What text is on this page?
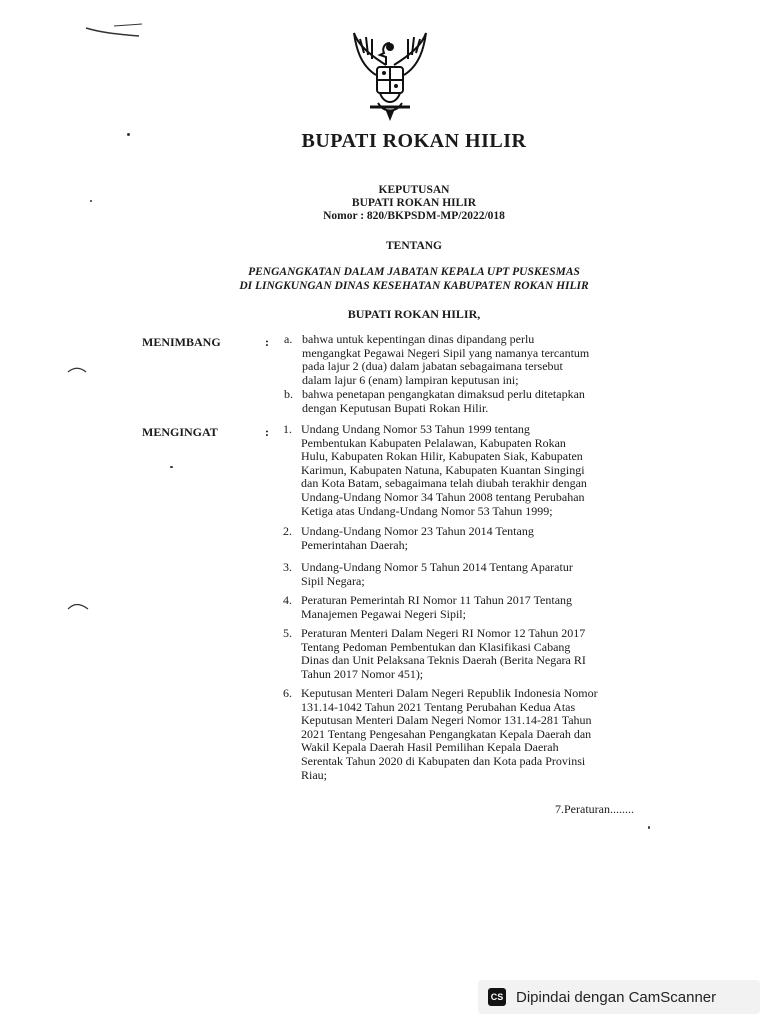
BUPATI ROKAN HILIR
KEPUTUSAN
BUPATI ROKAN HILIR
Nomor : 820/BKPSDM-MP/2022/018
TENTANG
PENGANGKATAN DALAM JABATAN KEPALA UPT PUSKESMAS
DI LINGKUNGAN DINAS KESEHATAN KABUPATEN ROKAN HILIR
BUPATI ROKAN HILIR,
MENIMBANG	: a. bahwa untuk kepentingan dinas dipandang perlu
mengangkat Pegawai Negeri Sipil yang namanya tercantum
pada lajur 2 (dua) dalam jabatan sebagaimana tersebut
dalam lajur 6 (enam) lampiran keputusan ini;
b. bahwa penetapan pengangkatan dimaksud perlu ditetapkan
dengan Keputusan Bupati Rokan Hilir.
MENGINGAT	: 1. Undang Undang Nomor 53 Tahun 1999 tentang
Pembentukan Kabupaten Pelalawan, Kabupaten Rokan
Hulu, Kabupaten Rokan Hilir, Kabupaten Siak, Kabupaten
Karimun, Kabupaten Natuna, Kabupaten Kuantan Singingi
dan Kota Batam, sebagaimana telah diubah terakhir dengan
Undang-Undang Nomor 34 Tahun 2008 tentang Perubahan
Ketiga atas Undang-Undang Nomor 53 Tahun 1999;
2. Undang-Undang Nomor 23 Tahun 2014 Tentang
Pemerintahan Daerah;
3. Undang-Undang Nomor 5 Tahun 2014 Tentang Aparatur
Sipil Negara;
4. Peraturan Pemerintah RI Nomor 11 Tahun 2017 Tentang
Manajemen Pegawai Negeri Sipil;
5. Peraturan Menteri Dalam Negeri RI Nomor 12 Tahun 2017
Tentang Pedoman Pembentukan dan Klasifikasi Cabang
Dinas dan Unit Pelaksana Teknis Daerah (Berita Negara RI
Tahun 2017 Nomor 451);
6. Keputusan Menteri Dalam Negeri Republik Indonesia Nomor
131.14-1042 Tahun 2021 Tentang Perubahan Kedua Atas
Keputusan Menteri Dalam Negeri Nomor 131.14-281 Tahun
2021 Tentang Pengesahan Pengangkatan Kepala Daerah dan
Wakil Kepala Daerah Hasil Pemilihan Kepala Daerah
Serentak Tahun 2020 di Kabupaten dan Kota pada Provinsi
Riau;
7.Peraturan........
CS Dipindai dengan CamScanner
